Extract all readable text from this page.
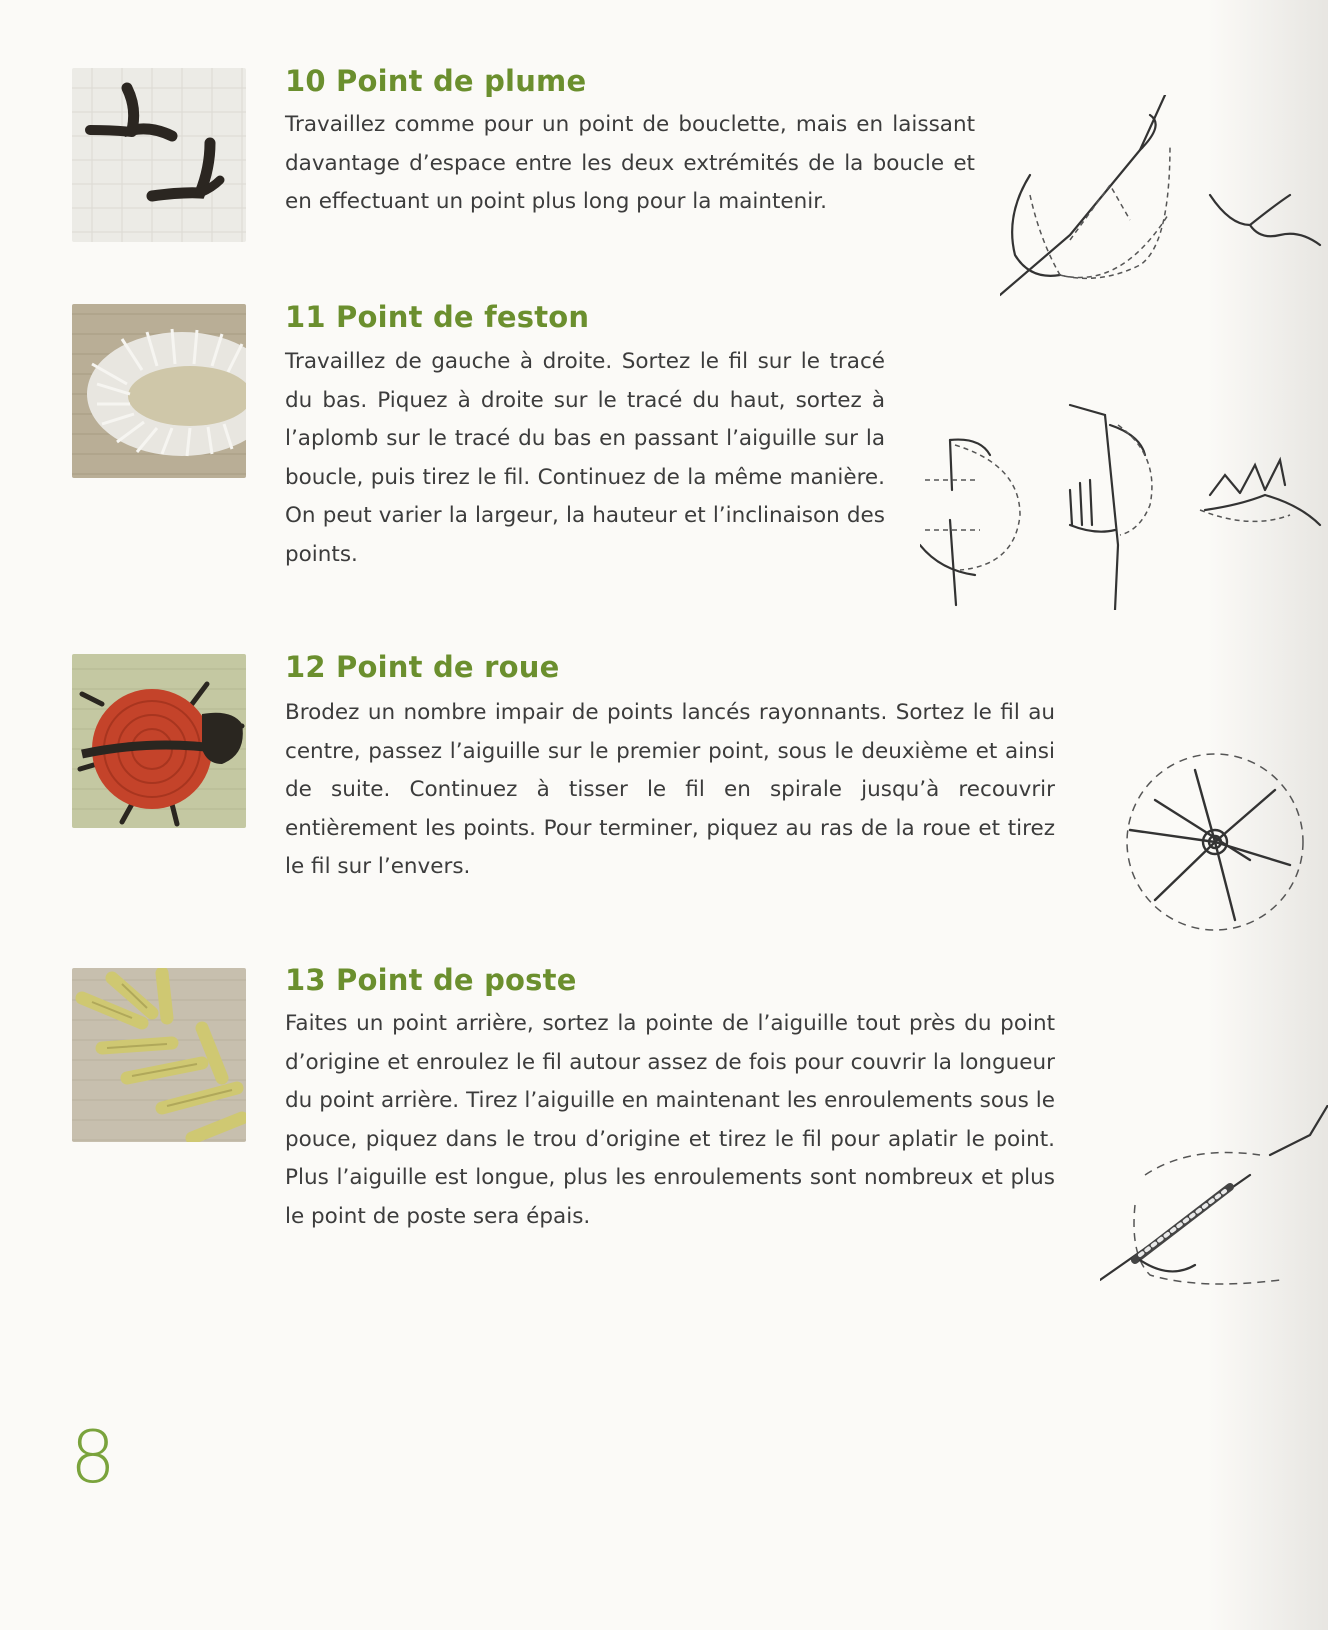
10 Point de plume

Travaillez comme pour un point de bouclette, mais en laissant davantage d’espace entre les deux extrémités de la boucle et en effectuant un point plus long pour la maintenir.

11 Point de feston

Travaillez de gauche à droite. Sortez le fil sur le tracé du bas. Piquez à droite sur le tracé du haut, sortez à l’aplomb sur le tracé du bas en passant l’aiguille sur la boucle, puis tirez le fil. Continuez de la même manière. On peut varier la largeur, la hauteur et l’inclinaison des points.

12 Point de roue

Brodez un nombre impair de points lancés rayonnants. Sortez le fil au centre, passez l’aiguille sur le premier point, sous le deuxième et ainsi de suite. Continuez à tisser le fil en spirale jusqu’à recouvrir entièrement les points. Pour terminer, piquez au ras de la roue et tirez le fil sur l’envers.

13 Point de poste

Faites un point arrière, sortez la pointe de l’aiguille tout près du point d’origine et enroulez le fil autour assez de fois pour couvrir la longueur du point arrière. Tirez l’aiguille en maintenant les enroulements sous le pouce, piquez dans le trou d’origine et tirez le fil pour aplatir le point. Plus l’aiguille est longue, plus les enroulements sont nombreux et plus le point de poste sera épais.

8
